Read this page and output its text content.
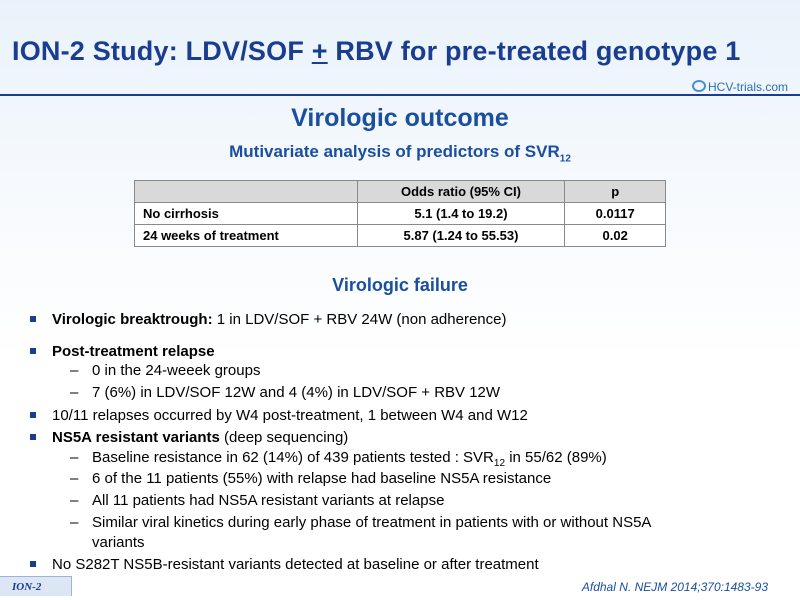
ION-2 Study: LDV/SOF + RBV for pre-treated genotype 1
HCV-trials.com
Virologic outcome
Mutivariate analysis of predictors of $SVR_{12}$
	Odds ratio (95% CI)	p
No cirrhosis	5.1 (1.4 to 19.2)	0.0117
24 weeks of treatment	5.87 (1.24 to 55.53)	0.02
Virologic failure
Virologic breaktrough: 1 in LDV/SOF + RBV 24W (non adherence)
Post-treatment relapse
– 0 in the 24-weeek groups
– 7 (6%) in LDV/SOF 12W and 4 (4%) in LDV/SOF + RBV 12W
10/11 relapses occurred by W4 post-treatment, 1 between W4 and W12
NS5A resistant variants (deep sequencing)
– Baseline resistance in 62 (14%) of 439 patients tested : $SVR_{12}$ in 55/62 (89%)
– 6 of the 11 patients (55%) with relapse had baseline NS5A resistance
– All 11 patients had NS5A resistant variants at relapse
– Similar viral kinetics during early phase of treatment in patients with or without NS5A
variants
No S282T NS5B-resistant variants detected at baseline or after treatment
Afdhal N. NEJM 2014;370:1483-93
ION-2
